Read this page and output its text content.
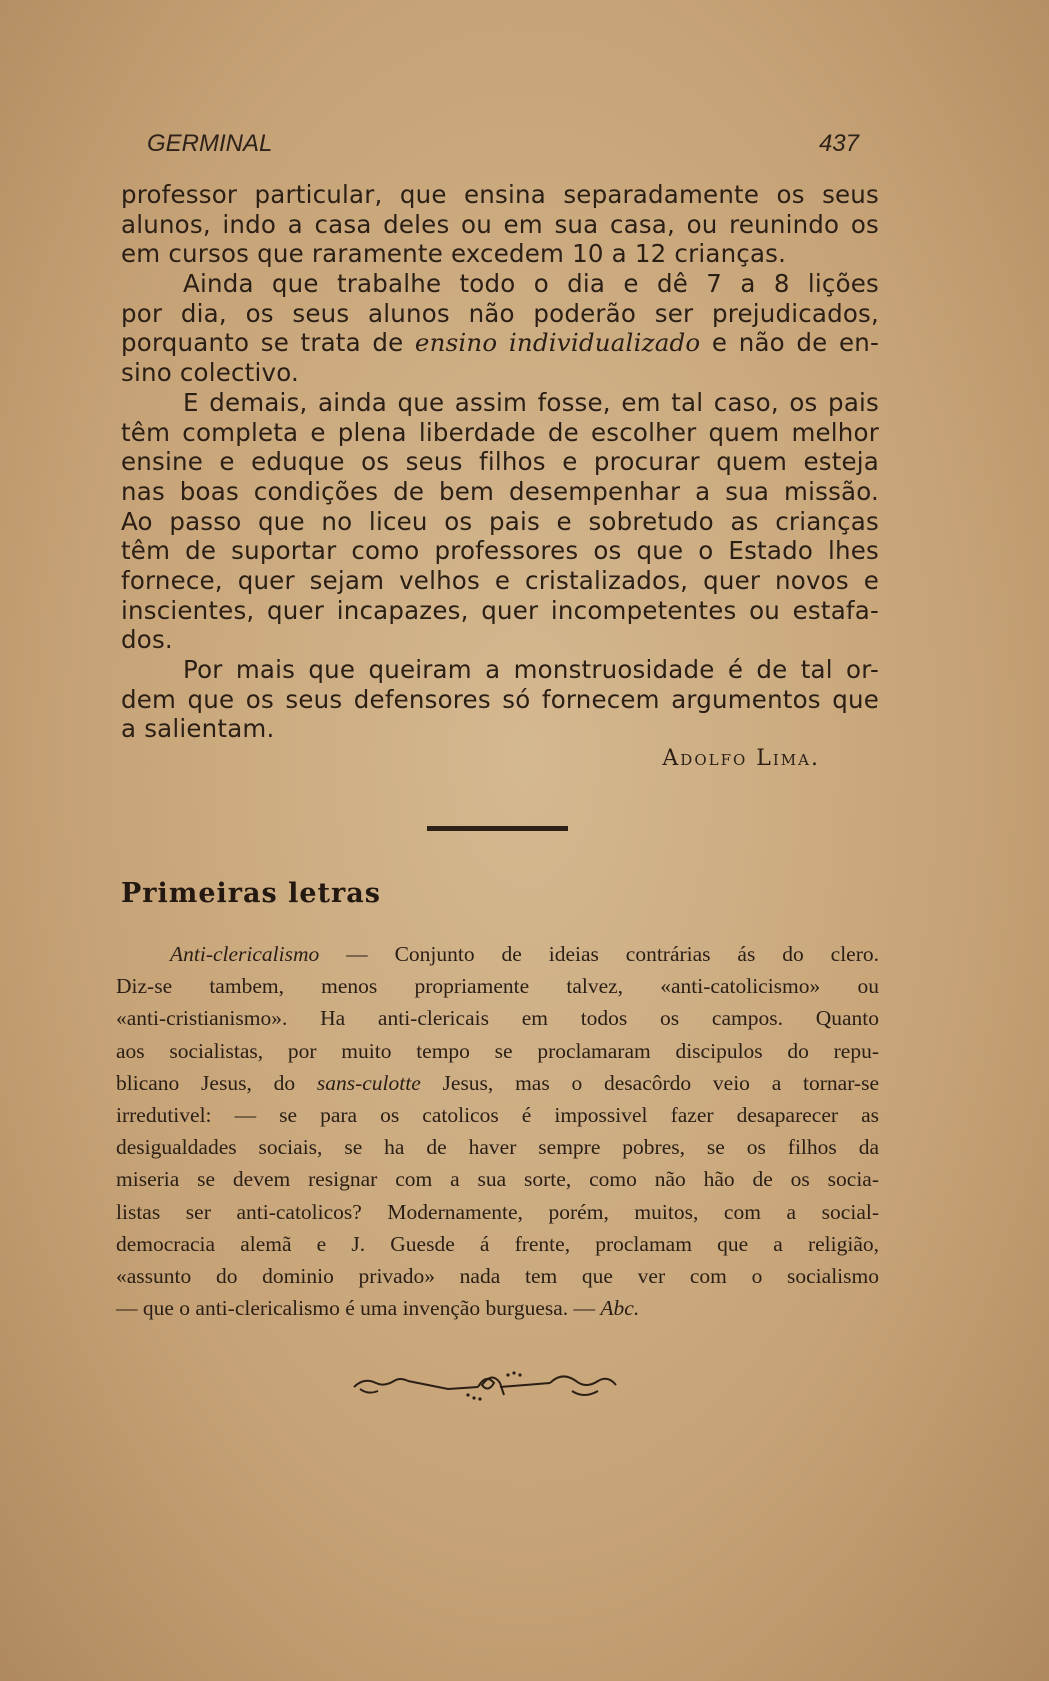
GERMINAL	437
professor particular, que ensina separadamente os seus
alunos, indo a casa deles ou em sua casa, ou reunindo os
em cursos que raramente excedem 10 a 12 crianças.
Ainda que trabalhe todo o dia e dê 7 a 8 lições
por dia, os seus alunos não poderão ser prejudicados,
porquanto se trata de ensino individualizado e não de en-
sino colectivo.
E demais, ainda que assim fosse, em tal caso, os pais
têm completa e plena liberdade de escolher quem melhor
ensine e eduque os seus filhos e procurar quem esteja
nas boas condições de bem desempenhar a sua missão.
Ao passo que no liceu os pais e sobretudo as crianças
têm de suportar como professores os que o Estado lhes
fornece, quer sejam velhos e cristalizados, quer novos e
inscientes, quer incapazes, quer incompetentes ou estafa-
dos.
Por mais que queiram a monstruosidade é de tal or-
dem que os seus defensores só fornecem argumentos que
a salientam.
Adolfo Lima.
Primeiras letras
Anti-clericalismo — Conjunto de ideias contrárias ás do clero.
Diz-se tambem, menos propriamente talvez, «anti-catolicismo» ou
«anti-cristianismo». Ha anti-clericais em todos os campos. Quanto
aos socialistas, por muito tempo se proclamaram discipulos do repu-
blicano Jesus, do sans-culotte Jesus, mas o desacôrdo veio a tornar-se
irredutivel: — se para os catolicos é impossivel fazer desaparecer as
desigualdades sociais, se ha de haver sempre pobres, se os filhos da
miseria se devem resignar com a sua sorte, como não hão de os socia-
listas ser anti-catolicos? Modernamente, porém, muitos, com a social-
democracia alemã e J. Guesde á frente, proclamam que a religião,
«assunto do dominio privado» nada tem que ver com o socialismo
— que o anti-clericalismo é uma invenção burguesa. — Abc.
